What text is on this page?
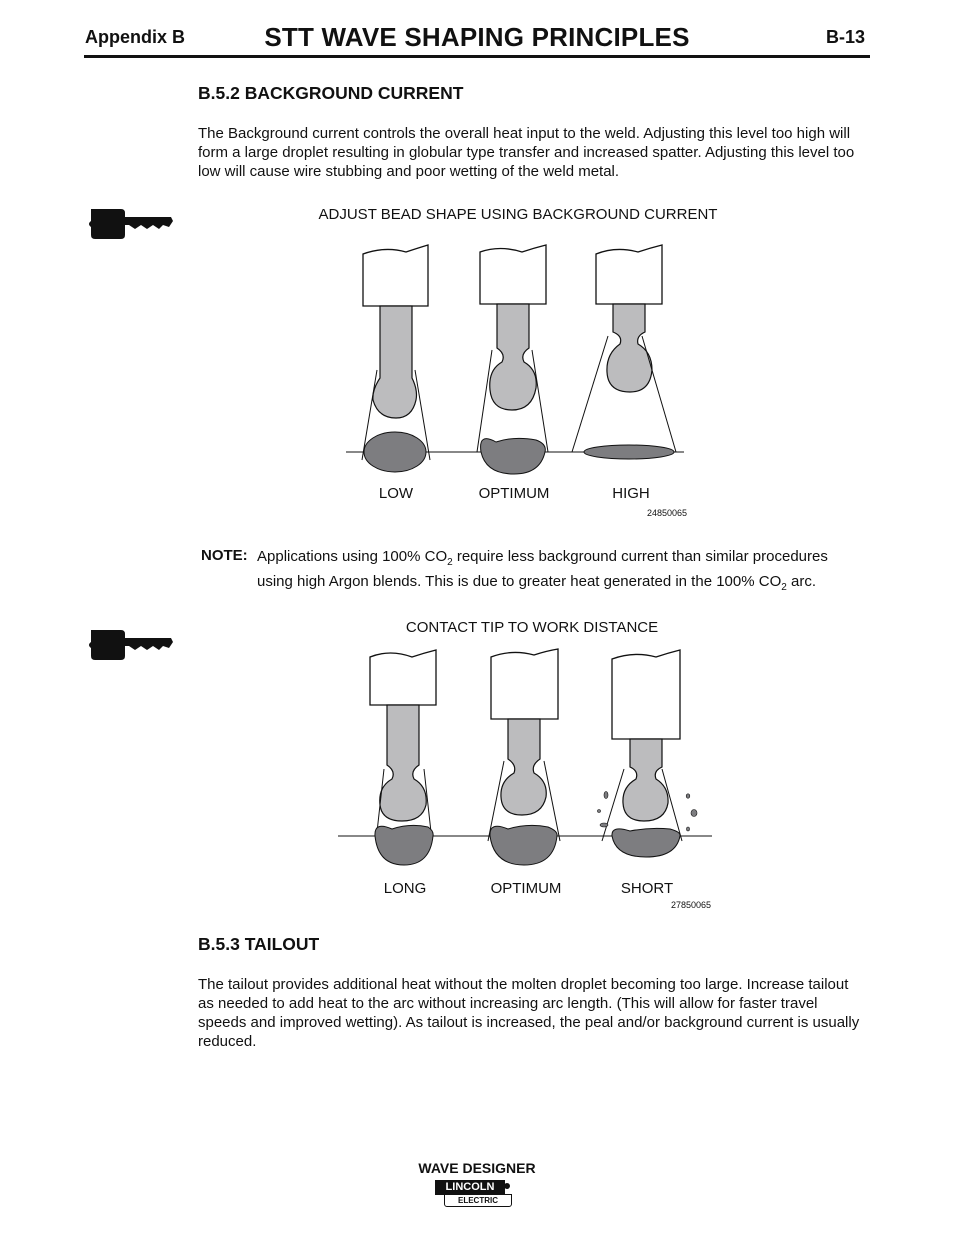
Appendix B	STT WAVE SHAPING PRINCIPLES	B-13
B.5.2 BACKGROUND CURRENT
The Background current controls the overall heat input to the weld. Adjusting this level too high will form a large droplet resulting in globular type transfer and increased spatter. Adjusting this level too low will cause wire stubbing and poor wetting of the weld metal.
ADJUST BEAD SHAPE USING BACKGROUND CURRENT
LOW	OPTIMUM	HIGH
24850065
NOTE: Applications using 100% $CO_2$ require less background current than similar procedures
using high Argon blends. This is due to greater heat generated in the 100% $CO_2$ arc.
CONTACT TIP TO WORK DISTANCE
LONG	OPTIMUM	SHORT
27850065
B.5.3 TAILOUT
The tailout provides additional heat without the molten droplet becoming too large. Increase tailout as needed to add heat to the arc without increasing arc length. (This will allow for faster travel speeds and improved wetting). As tailout is increased, the peal and/or background current is usually reduced.
WAVE DESIGNER
LINCOLN
ELECTRIC
